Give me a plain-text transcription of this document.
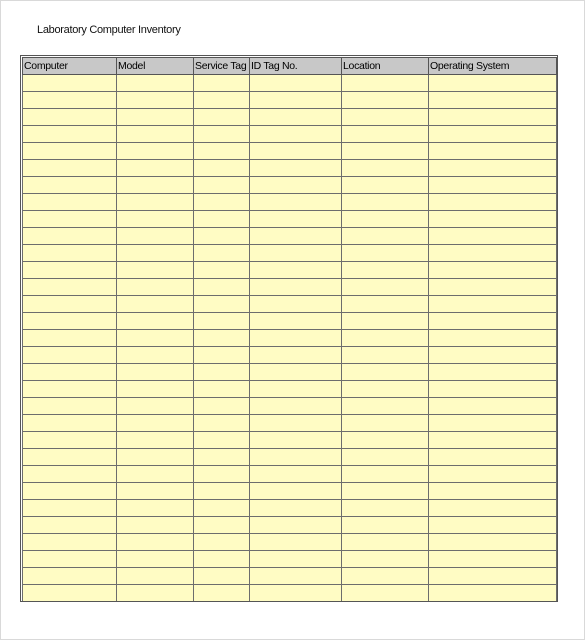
Laboratory Computer Inventory
Computer	Model	Service Tag	ID Tag No.	Location	Operating System
